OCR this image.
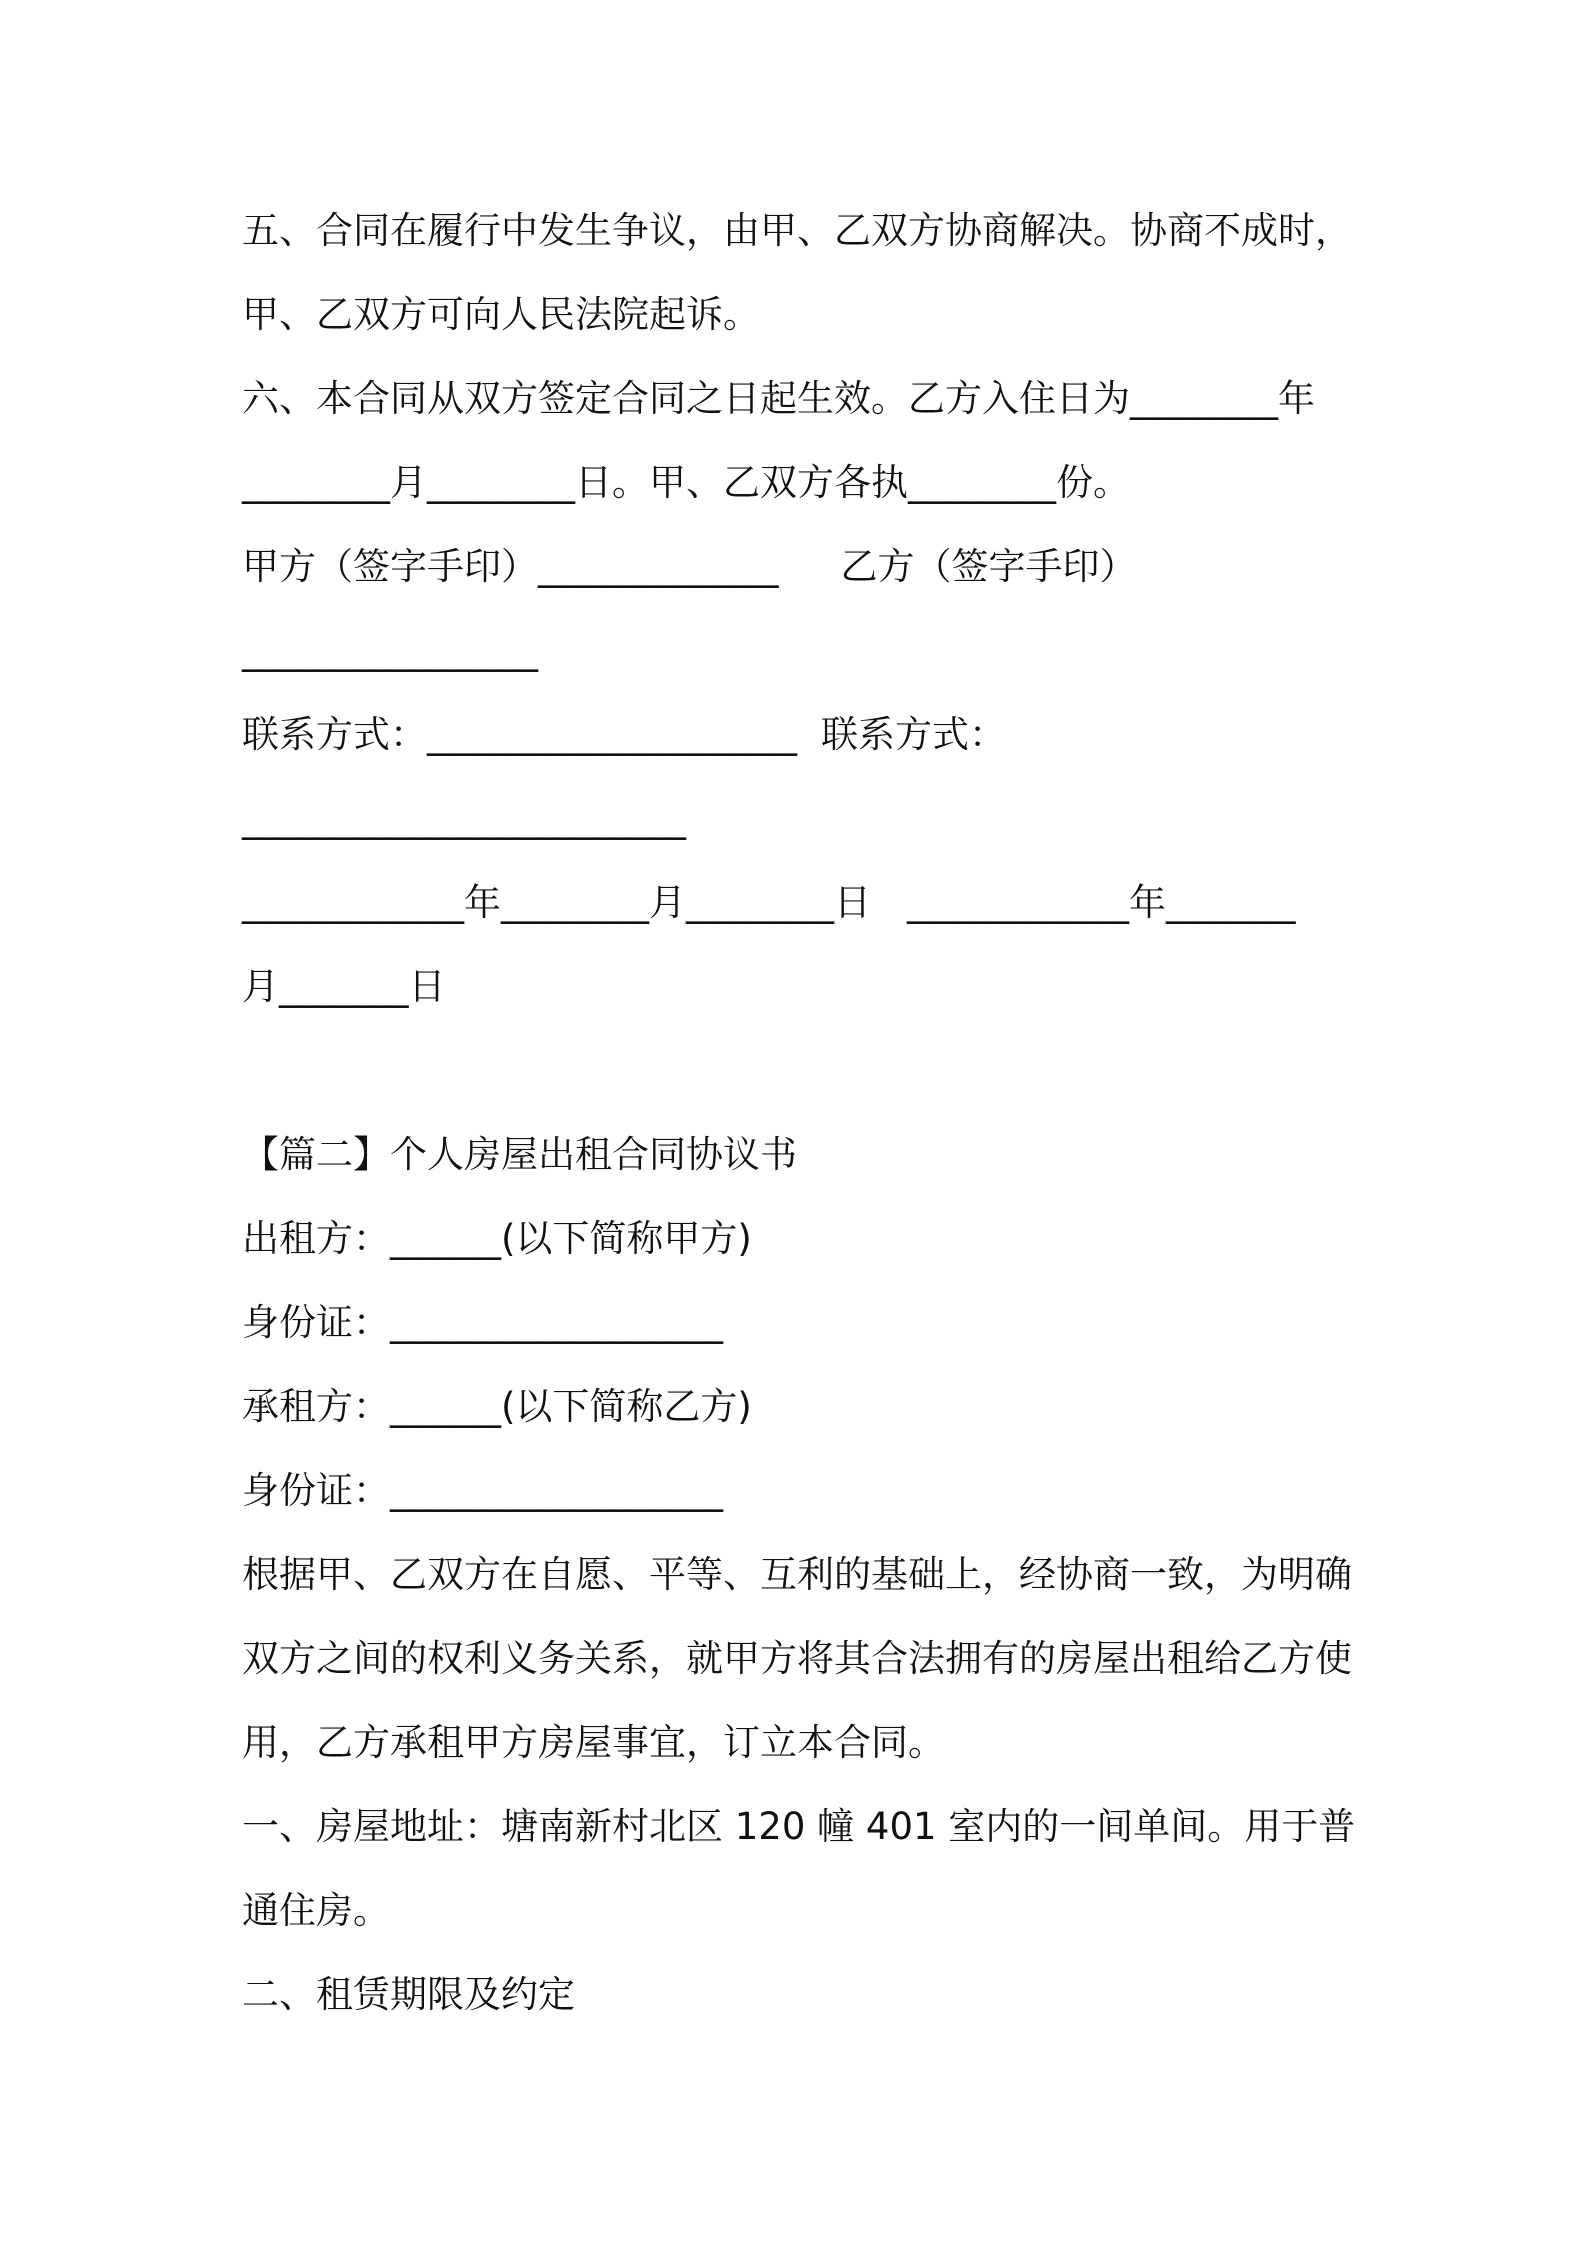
五、合同在履行中发生争议，由甲、乙双方协商解决。协商不成时，
甲、乙双方可向人民法院起诉。
六、本合同从双方签定合同之日起生效。乙方入住日为________年
________月________日。甲、乙双方各执________份。
甲方（签字手印）_____________ 乙方（签字手印）
________________
联系方式：____________________ 联系方式：
________________________
____________年________月________日 ____________年_______
月_______日
【篇二】个人房屋出租合同协议书
出租方：______(以下简称甲方)
身份证：__________________
承租方：______(以下简称乙方)
身份证：__________________
根据甲、乙双方在自愿、平等、互利的基础上，经协商一致，为明确
双方之间的权利义务关系，就甲方将其合法拥有的房屋出租给乙方使
用，乙方承租甲方房屋事宜，订立本合同。
一、房屋地址：塘南新村北区 120 幢 401 室内的一间单间。用于普
通住房。
二、租赁期限及约定
